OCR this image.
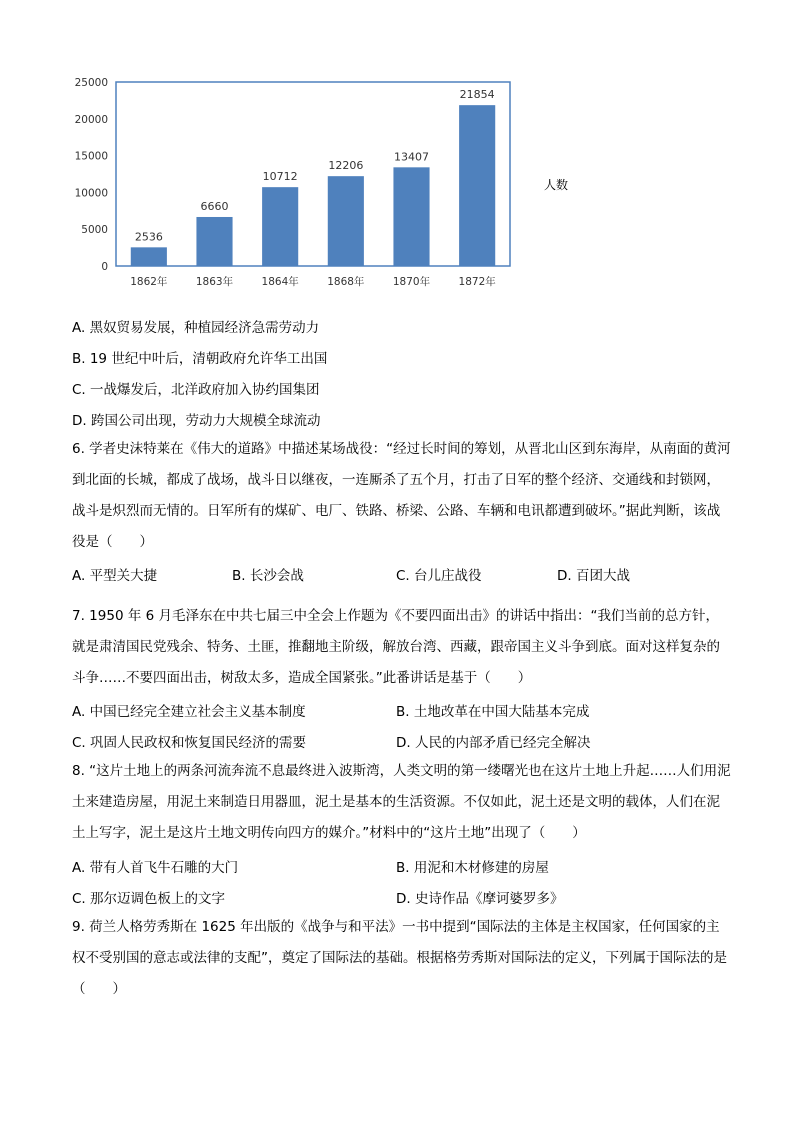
0
5000
10000
15000
20000
25000
2536
6660
10712
12206
13407
21854
1862年	1863年	1864年	1868年	1870年	1872年
人数
A. 黑奴贸易发展，种植园经济急需劳动力
B. 19 世纪中叶后，清朝政府允许华工出国
C. 一战爆发后，北洋政府加入协约国集团
D. 跨国公司出现，劳动力大规模全球流动
6. 学者史沫特莱在《伟大的道路》中描述某场战役：“经过长时间的筹划，从晋北山区到东海岸，从南面的黄河到北面的长城，都成了战场，战斗日以继夜，一连厮杀了五个月，打击了日军的整个经济、交通线和封锁网，战斗是炽烈而无情的。日军所有的煤矿、电厂、铁路、桥梁、公路、车辆和电讯都遭到破坏。”据此判断，该战役是（　　）
A. 平型关大捷	B. 长沙会战	C. 台儿庄战役	D. 百团大战
7. 1950 年 6 月毛泽东在中共七届三中全会上作题为《不要四面出击》的讲话中指出：“我们当前的总方针，就是肃清国民党残余、特务、土匪，推翻地主阶级，解放台湾、西藏，跟帝国主义斗争到底。面对这样复杂的斗争……不要四面出击，树敌太多，造成全国紧张。”此番讲话是基于（　　）
A. 中国已经完全建立社会主义基本制度	B. 土地改革在中国大陆基本完成
C. 巩固人民政权和恢复国民经济的需要	D. 人民的内部矛盾已经完全解决
8. “这片土地上的两条河流奔流不息最终进入波斯湾，人类文明的第一缕曙光也在这片土地上升起……人们用泥土来建造房屋，用泥土来制造日用器皿，泥土是基本的生活资源。不仅如此，泥土还是文明的载体，人们在泥土上写字，泥土是这片土地文明传向四方的媒介。”材料中的“这片土地”出现了（　　）
A. 带有人首飞牛石雕的大门	B. 用泥和木材修建的房屋
C. 那尔迈调色板上的文字	D. 史诗作品《摩诃婆罗多》
9. 荷兰人格劳秀斯在 1625 年出版的《战争与和平法》一书中提到“国际法的主体是主权国家，任何国家的主权不受别国的意志或法律的支配”，奠定了国际法的基础。根据格劳秀斯对国际法的定义，下列属于国际法的是（　　）
